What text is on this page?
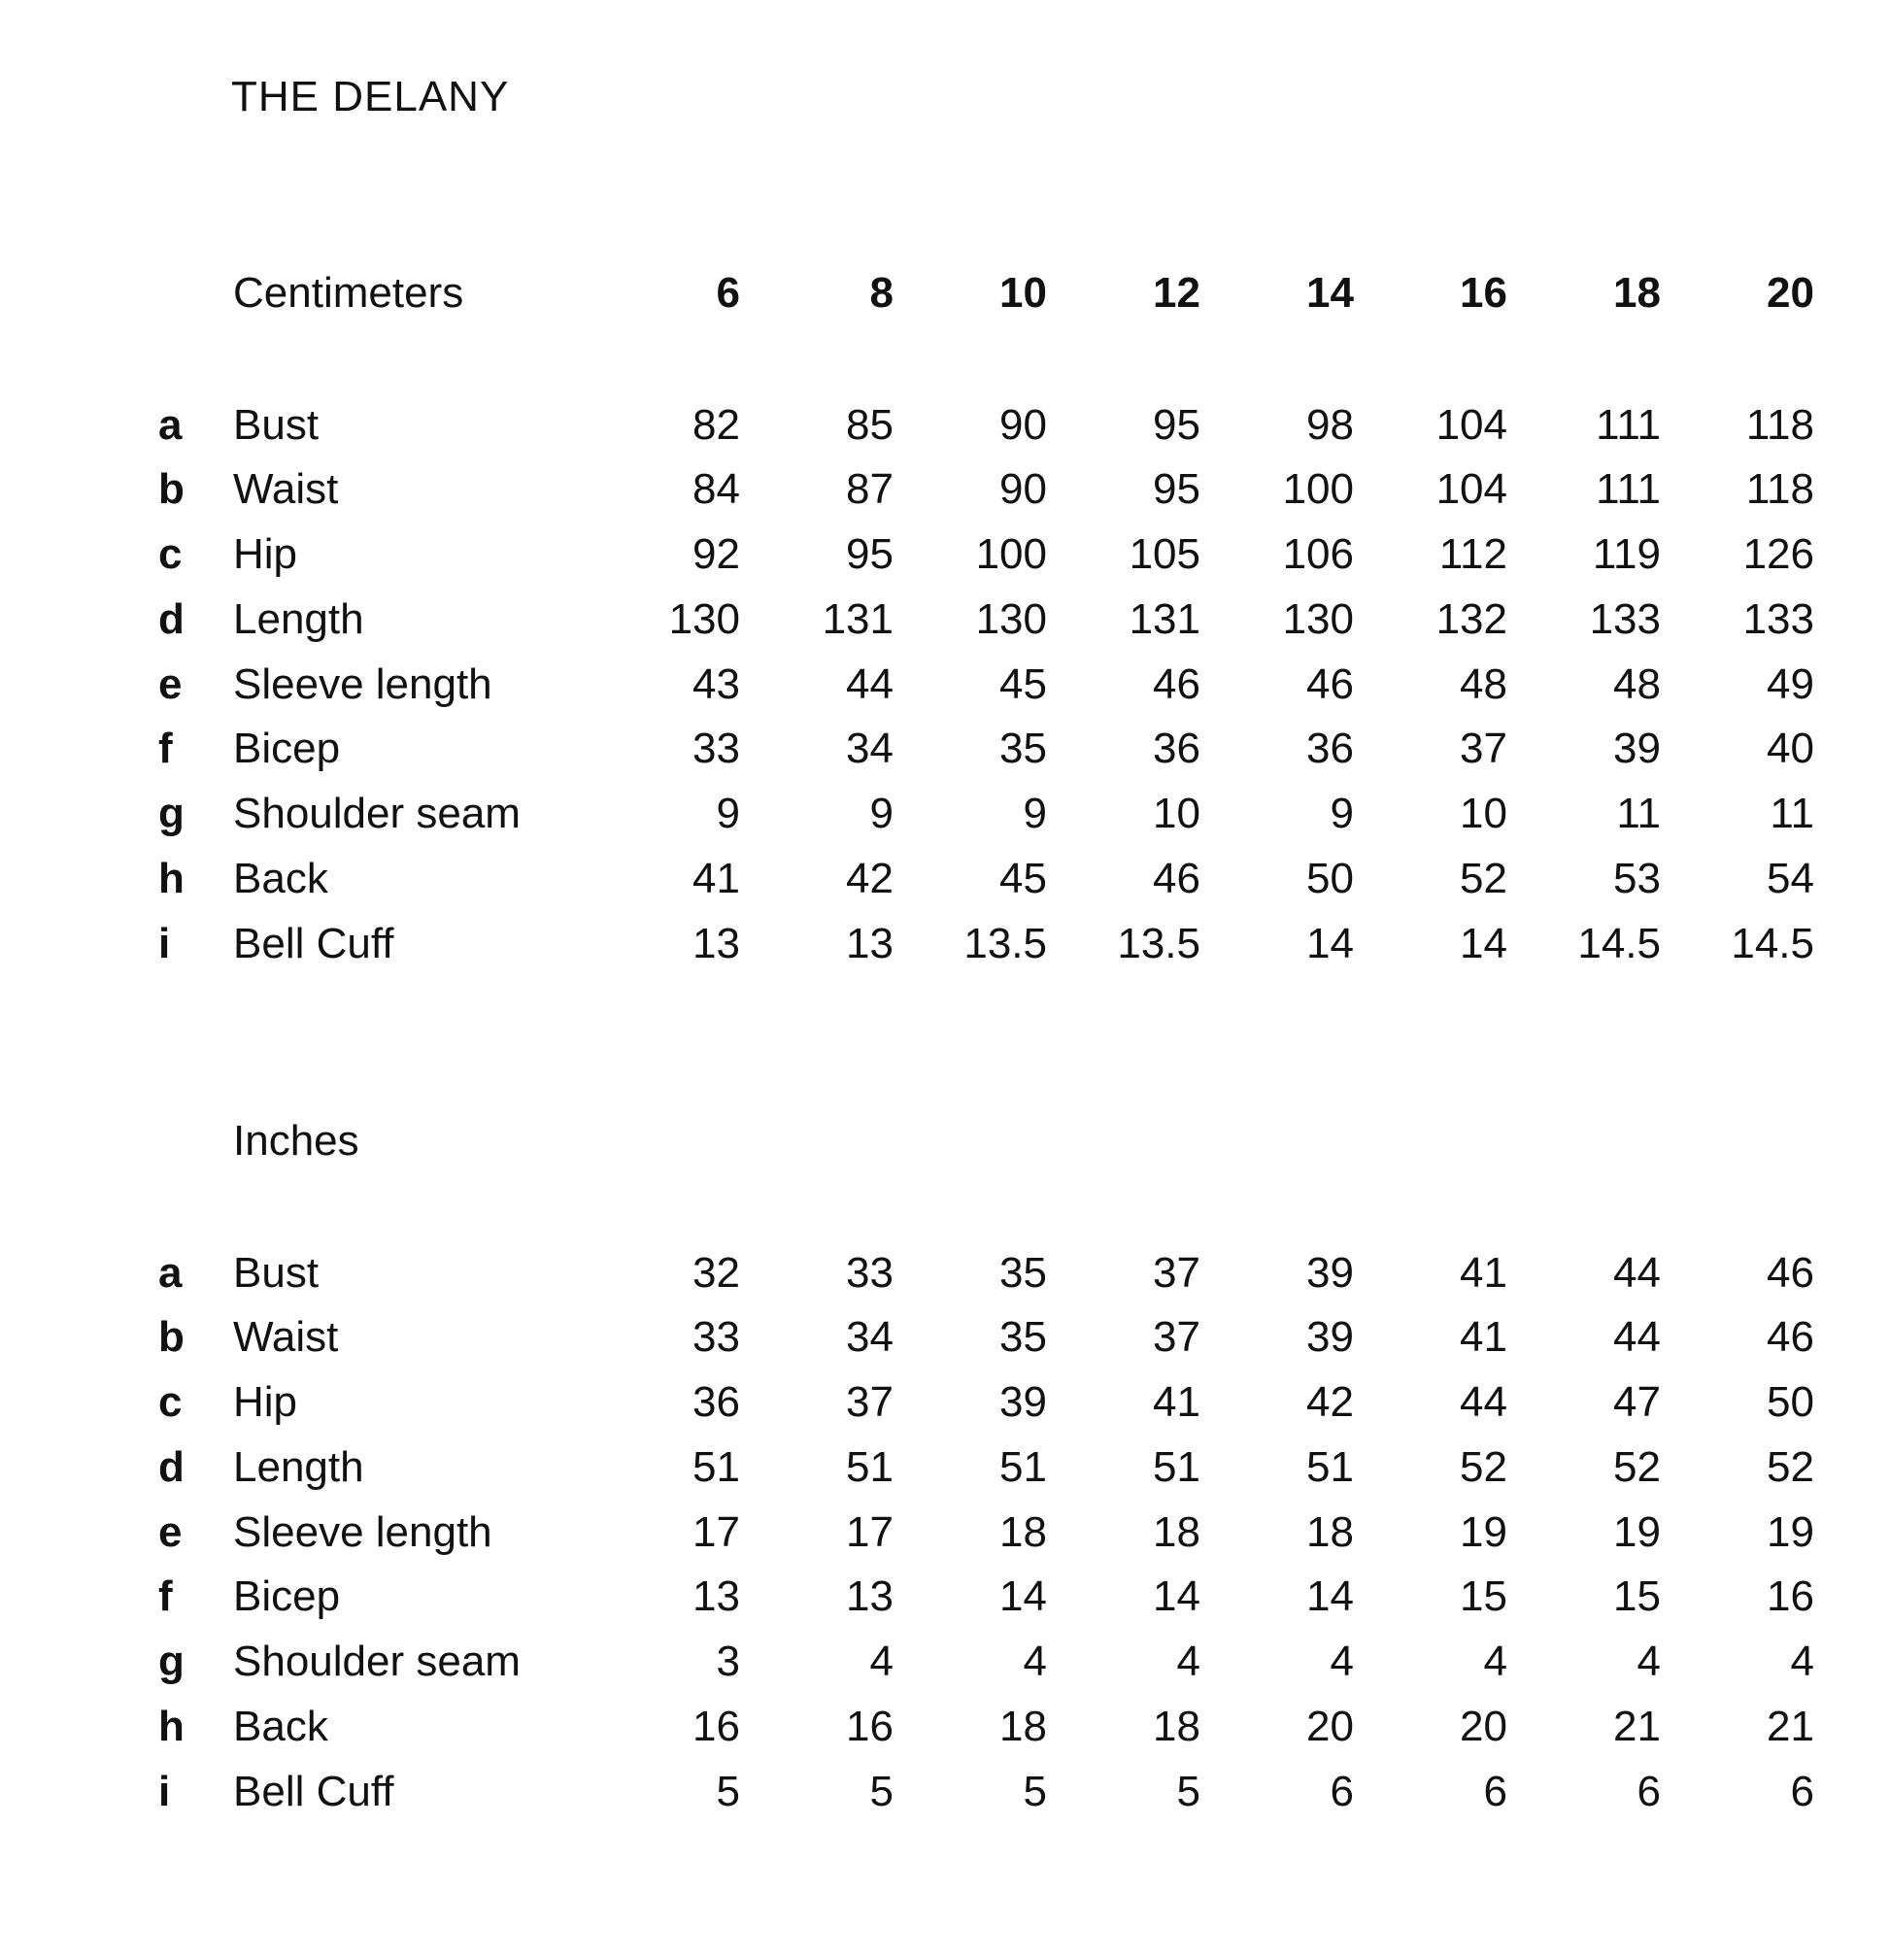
THE DELANY
Centimeters	6	8	10	12	14	16	18	20
a	Bust	82	85	90	95	98	104	111	118
b	Waist	84	87	90	95	100	104	111	118
c	Hip	92	95	100	105	106	112	119	126
d	Length	130	131	130	131	130	132	133	133
e	Sleeve length	43	44	45	46	46	48	48	49
f	Bicep	33	34	35	36	36	37	39	40
g	Shoulder seam	9	9	9	10	9	10	11	11
h	Back	41	42	45	46	50	52	53	54
i	Bell Cuff	13	13	13.5	13.5	14	14	14.5	14.5
Inches
a	Bust	32	33	35	37	39	41	44	46
b	Waist	33	34	35	37	39	41	44	46
c	Hip	36	37	39	41	42	44	47	50
d	Length	51	51	51	51	51	52	52	52
e	Sleeve length	17	17	18	18	18	19	19	19
f	Bicep	13	13	14	14	14	15	15	16
g	Shoulder seam	3	4	4	4	4	4	4	4
h	Back	16	16	18	18	20	20	21	21
i	Bell Cuff	5	5	5	5	6	6	6	6
